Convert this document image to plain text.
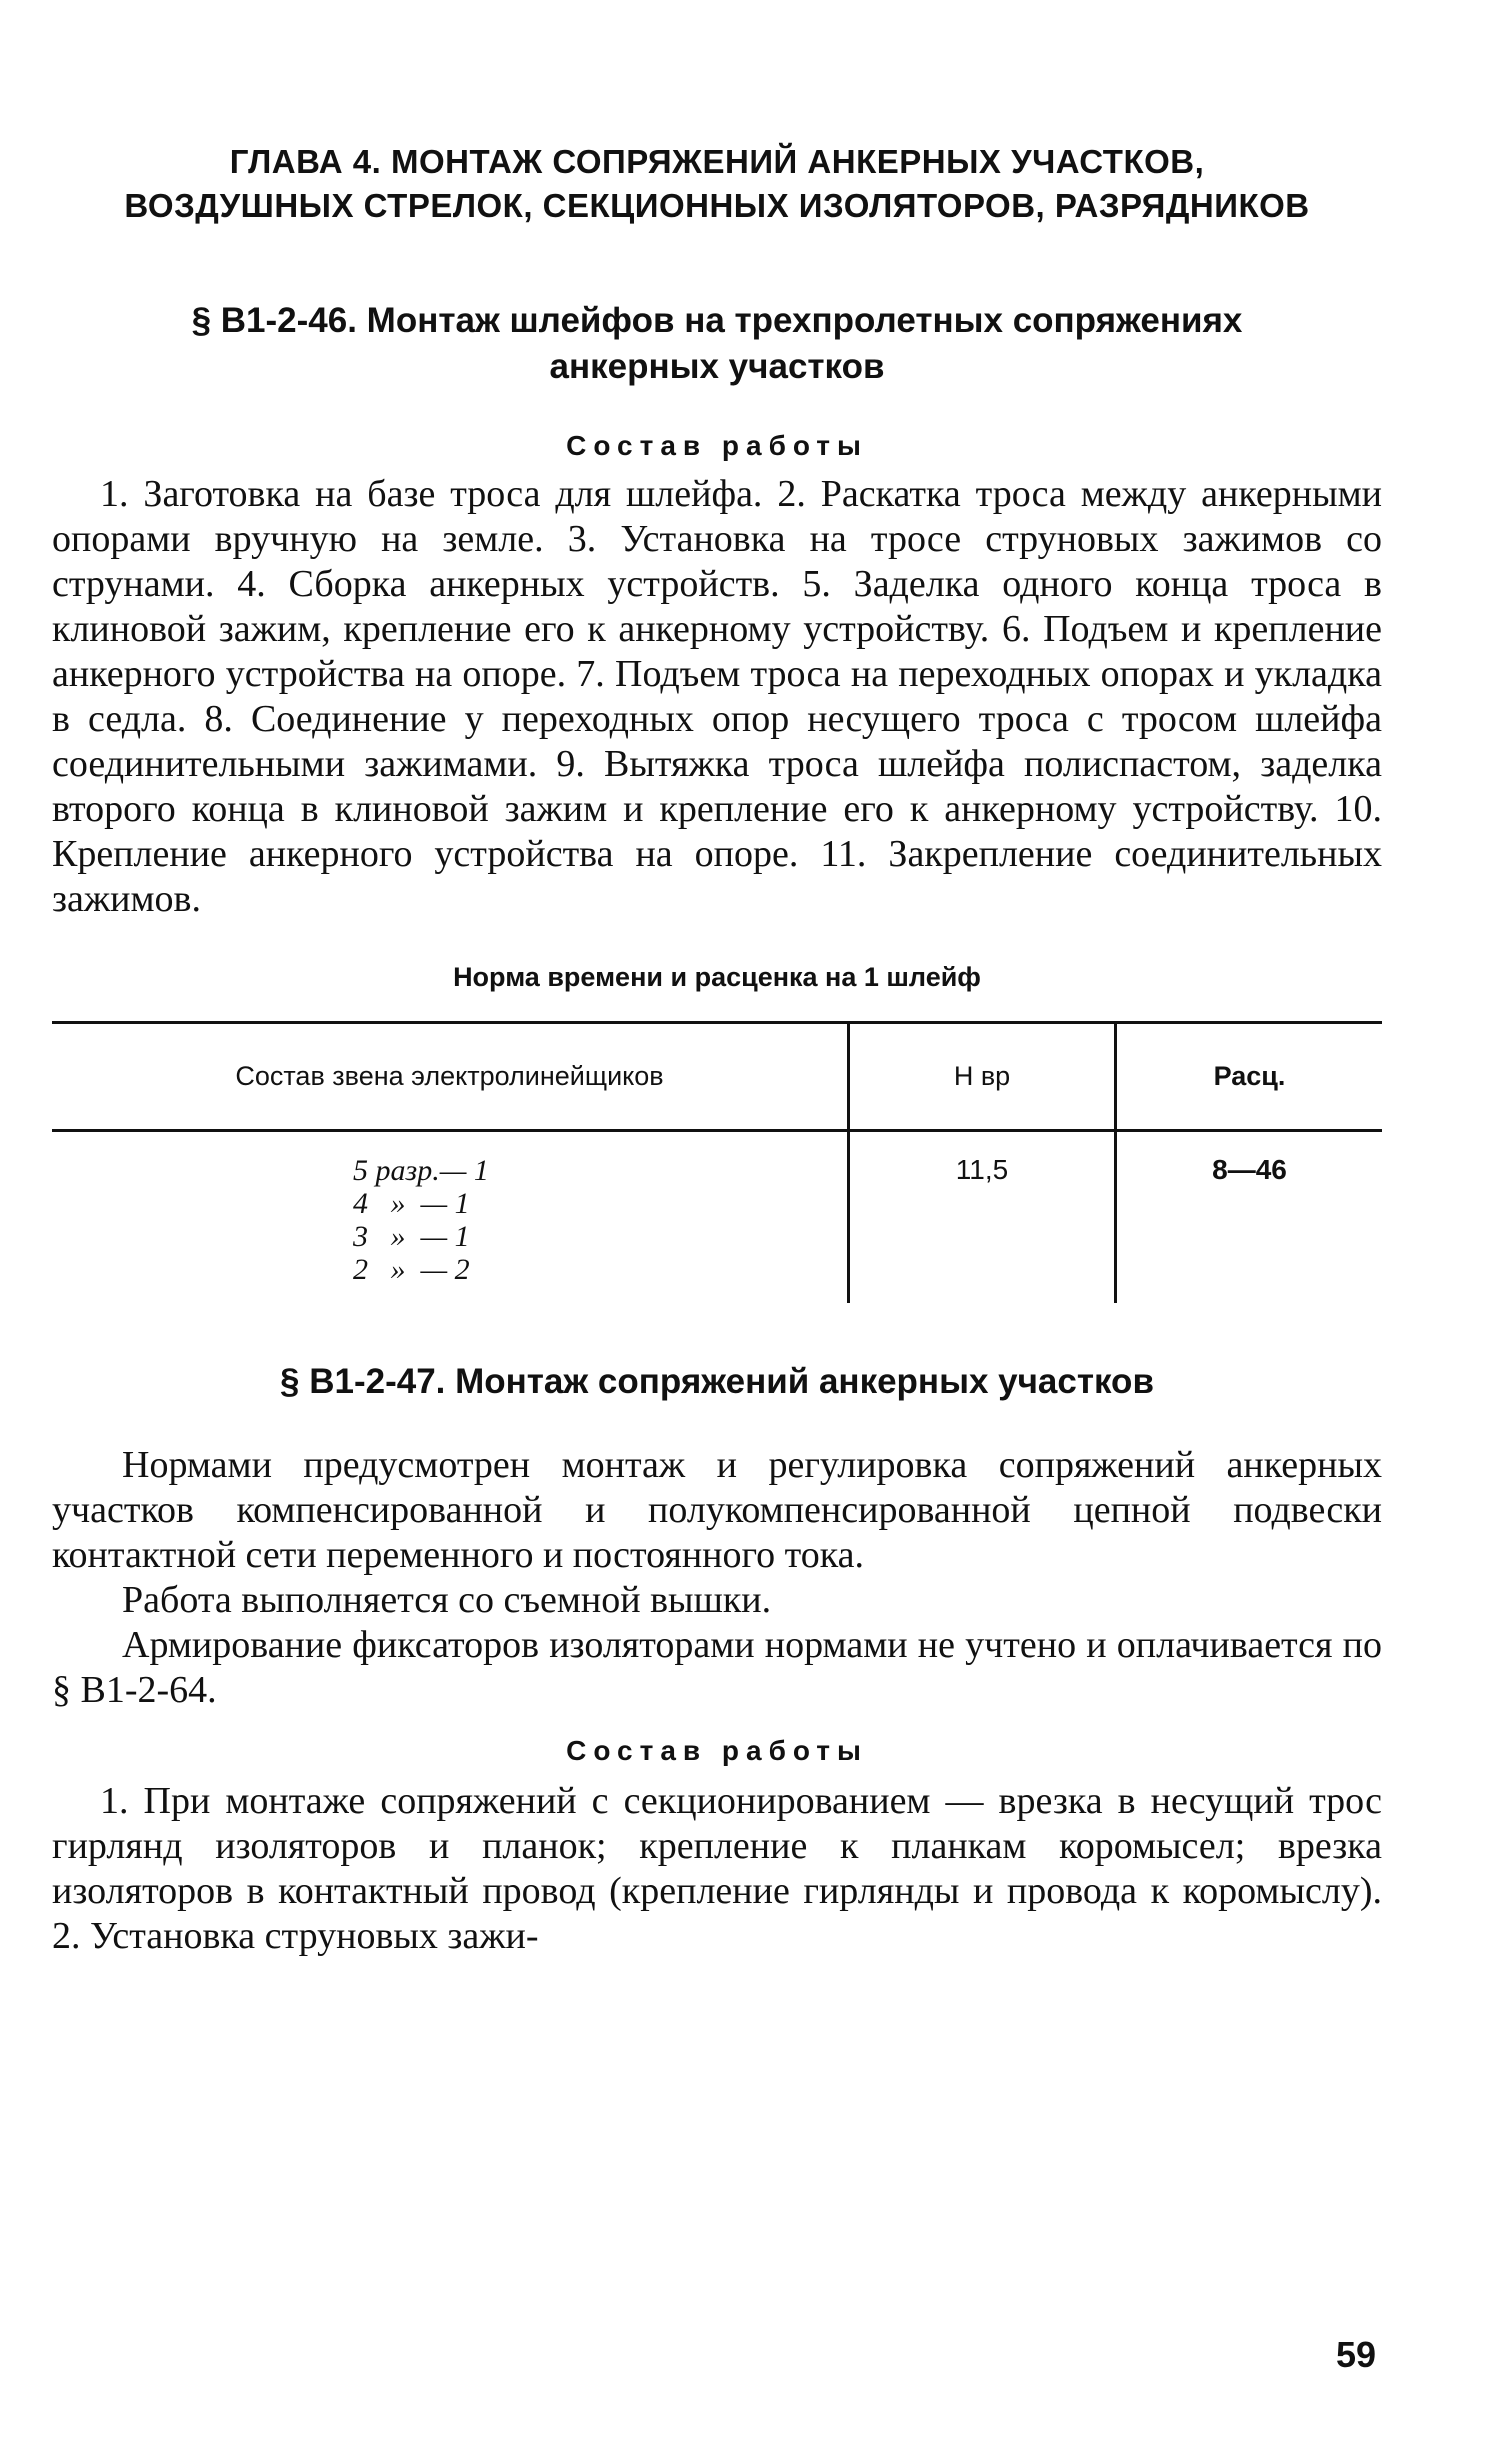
ГЛАВА 4. МОНТАЖ СОПРЯЖЕНИЙ АНКЕРНЫХ УЧАСТКОВ,

ВОЗДУШНЫХ СТРЕЛОК, СЕКЦИОННЫХ ИЗОЛЯТОРОВ, РАЗРЯДНИКОВ

§ В1-2-46. Монтаж шлейфов на трехпролетных сопряжениях

анкерных участков

Состав работы

1. Заготовка на базе троса для шлейфа. 2. Раскатка троса между анкерными опорами вручную на земле. 3. Установка на тросе струновых зажимов со струнами. 4. Сборка анкерных устройств. 5. Заделка одного конца троса в клиновой зажим, крепление его к анкерному устройству. 6. Подъем и крепление анкерного устройства на опоре. 7. Подъем троса на переходных опорах и укладка в седла. 8. Соединение у переходных опор несущего троса с тросом шлейфа соединительными зажимами. 9. Вытяжка троса шлейфа полиспастом, заделка второго конца в клиновой зажим и крепление его к анкерному устройству. 10. Крепление анкерного устройства на опоре. 11. Закрепление соединительных зажимов.

Норма времени и расценка на 1 шлейф

Состав звена электролинейщиков	Н вр	Расц.

5 разр.— 1
4   »  — 1
3   »  — 1
2   »  — 2	11,5	8—46

§ В1-2-47. Монтаж сопряжений анкерных участков

Нормами предусмотрен монтаж и регулировка сопряжений анкерных участков компенсированной и полукомпенсированной цепной подвески контактной сети переменного и постоянного тока.

Работа выполняется со съемной вышки.

Армирование фиксаторов изоляторами нормами не учтено и оплачивается по § В1-2-64.

Состав работы

1. При монтаже сопряжений с секционированием — врезка в несущий трос гирлянд изоляторов и планок; крепление к планкам коромысел; врезка изоляторов в контактный провод (крепление гирлянды и провода к коромыслу). 2. Установка струновых зажи-

59
